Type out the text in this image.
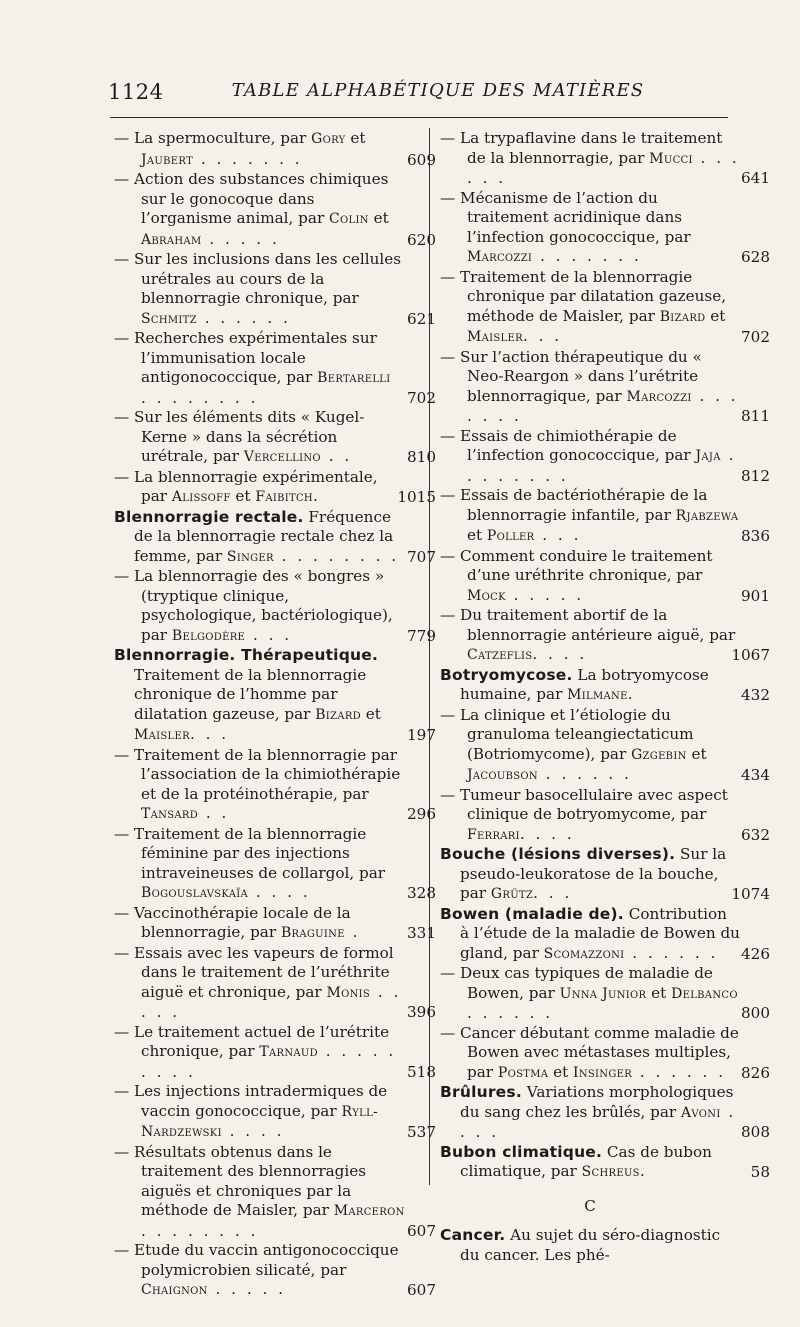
1124	TABLE ALPHABÉTIQUE DES MATIÈRES

— La spermoculture, par Gory et Jaubert . . . . . . .	609

— Action des substances chimiques sur le gonocoque dans l’organisme animal, par Colin et Abraham . . . . .	620

— Sur les inclusions dans les cellules urétrales au cours de la blennorragie chronique, par Schmitz . . . . . .	621

— Recherches expérimentales sur l’immunisation locale antigonococcique, par Bertarelli . . . . . . . .	702

— Sur les éléments dits « Kugel-Kerne » dans la sécrétion urétrale, par Vercellino . .	810

— La blennorragie expérimentale, par Alissoff et Faibitch.	1015

Blennorragie rectale. Fréquence de la blennorragie rectale chez la femme, par Singer . . . . . . . . 707

— La blennorragie des « bongres » (tryptique clinique, psychologique, bactériologique), par Belgodère . . .	779

Blennorragie. Thérapeutique. Traitement de la blennorragie chronique de l’homme par dilatation gazeuse, par Bizard et Maisler. . .	197

— Traitement de la blennorragie par l’association de la chimiothérapie et de la protéinothérapie, par Tansard . .	296

— Traitement de la blennorragie féminine par des injections intraveineuses de collargol, par Bogouslavskaïa . . . .	328

— Vaccinothérapie locale de la blennorragie, par Braguine .	331

— Essais avec les vapeurs de formol dans le traitement de l’uréthrite aiguë et chronique, par Monis . . . . .	396

— Le traitement actuel de l’urétrite chronique, par Tarnaud . . . . . . . . .	518

— Les injections intradermiques de vaccin gonococcique, par Ryll-Nardzewski . . . .	537

— Résultats obtenus dans le traitement des blennorragies aiguës et chroniques par la méthode de Maisler, par Marceron . . . . . . . .	607

— Etude du vaccin antigonococcique polymicrobien silicaté, par Chaignon . . . . .	607

— La trypaflavine dans le traitement de la blennorragie, par Mucci . . . . . .	641

— Mécanisme de l’action du traitement acridinique dans l’infection gonococcique, par Marcozzi . . . . . . .	628

— Traitement de la blennorragie chronique par dilatation gazeuse, méthode de Maisler, par Bizard et Maisler. . .	702

— Sur l’action thérapeutique du « Neo-Reargon » dans l’urétrite blennorragique, par Marcozzi . . . . . . .	811

— Essais de chimiothérapie de l’infection gonococcique, par Jaja . . . . . . . .	812

— Essais de bactériothérapie de la blennorragie infantile, par Rjabzewa et Poller . . .	836

— Comment conduire le traitement d’une uréthrite chronique, par Mock . . . . .	901

— Du traitement abortif de la blennorragie antérieure aiguë, par Catzeflis. . . .	1067

Botryomycose. La botryomycose humaine, par Milmane.	432

— La clinique et l’étiologie du granuloma teleangiectaticum (Botriomycome), par Gzgebin et Jacoubson . . . . . .	434

— Tumeur basocellulaire avec aspect clinique de botryomycome, par Ferrari. . . .	632

Bouche (lésions diverses). Sur la pseudo-leukoratose de la bouche, par Grütz. . .	1074

Bowen (maladie de). Contribution à l’étude de la maladie de Bowen du gland, par Scomazzoni . . . . . .	426

— Deux cas typiques de maladie de Bowen, par Unna Junior et Delbanco . . . . . .	800

— Cancer débutant comme maladie de Bowen avec métastases multiples, par Postma et Insinger . . . . . . 826

Brûlures. Variations morphologiques du sang chez les brûlés, par Avoni . . . .	808

Bubon climatique. Cas de bubon climatique, par Schreus.	58

C

Cancer. Au sujet du séro-diagnostic du cancer. Les phé-
